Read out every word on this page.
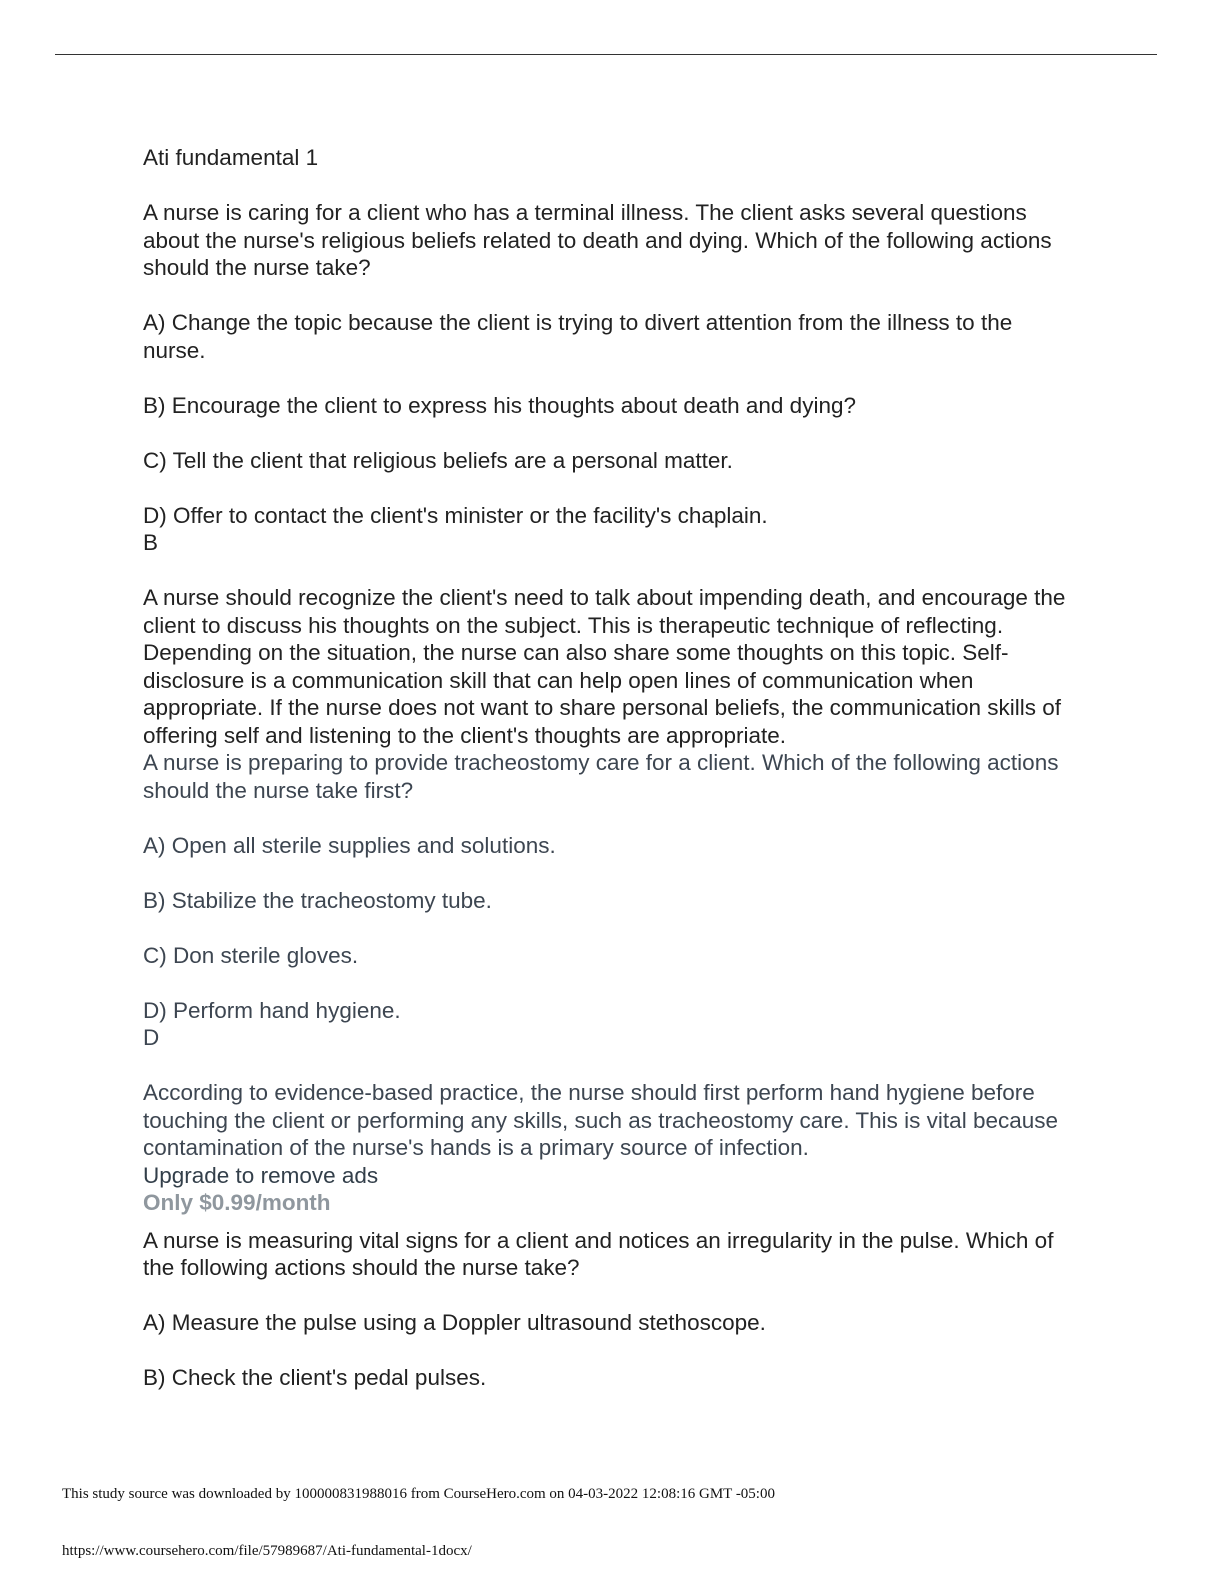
Ati fundamental 1

A nurse is caring for a client who has a terminal illness. The client asks several questions about the nurse's religious beliefs related to death and dying. Which of the following actions should the nurse take?

A) Change the topic because the client is trying to divert attention from the illness to the nurse.

B) Encourage the client to express his thoughts about death and dying?

C) Tell the client that religious beliefs are a personal matter.

D) Offer to contact the client's minister or the facility's chaplain.

B

A nurse should recognize the client's need to talk about impending death, and encourage the client to discuss his thoughts on the subject. This is therapeutic technique of reflecting. Depending on the situation, the nurse can also share some thoughts on this topic. Self-disclosure is a communication skill that can help open lines of communication when appropriate. If the nurse does not want to share personal beliefs, the communication skills of offering self and listening to the client's thoughts are appropriate.

A nurse is preparing to provide tracheostomy care for a client. Which of the following actions should the nurse take first?

A) Open all sterile supplies and solutions.

B) Stabilize the tracheostomy tube.

C) Don sterile gloves.

D) Perform hand hygiene.

D

According to evidence-based practice, the nurse should first perform hand hygiene before touching the client or performing any skills, such as tracheostomy care. This is vital because contamination of the nurse's hands is a primary source of infection.

Upgrade to remove ads

Only $0.99/month

A nurse is measuring vital signs for a client and notices an irregularity in the pulse. Which of the following actions should the nurse take?

A) Measure the pulse using a Doppler ultrasound stethoscope.

B) Check the client's pedal pulses.

This study source was downloaded by 100000831988016 from CourseHero.com on 04-03-2022 12:08:16 GMT -05:00
https://www.coursehero.com/file/57989687/Ati-fundamental-1docx/
